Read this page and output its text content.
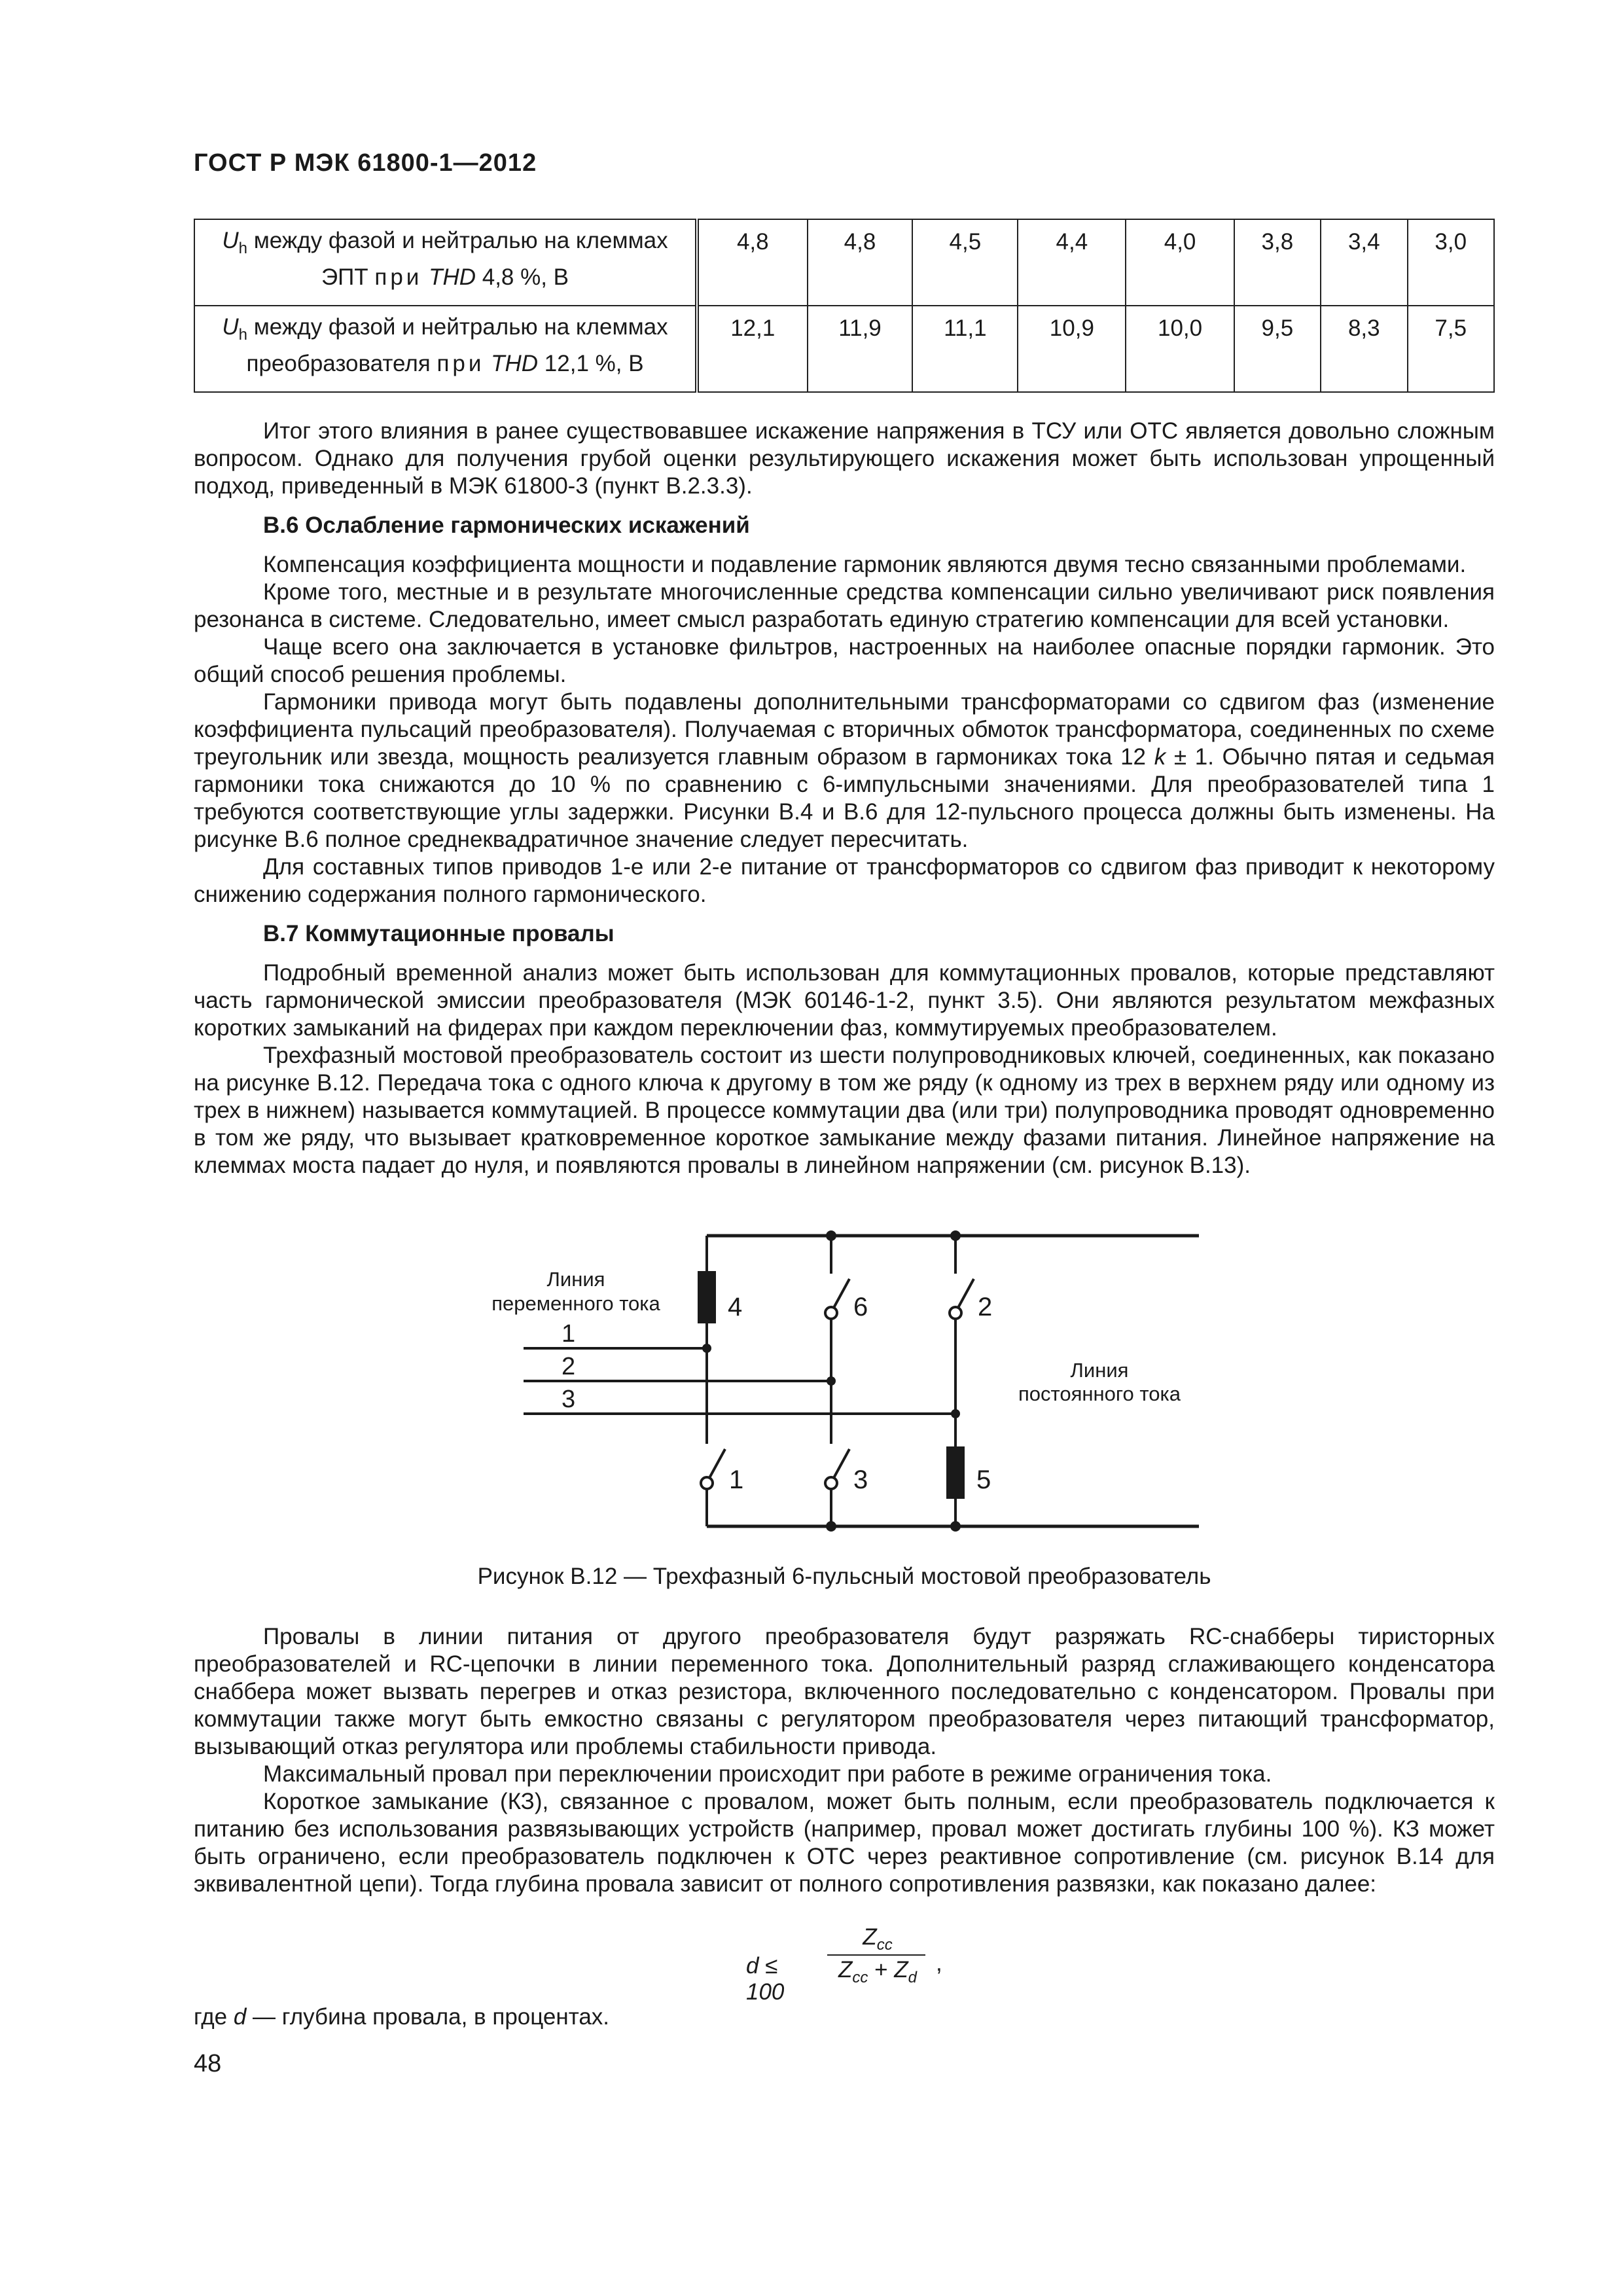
ГОСТ Р МЭК 61800-1—2012
$U_h$ между фазой и нейтралью на клеммах
ЭПТ при THD 4,8 %, В	4,8	4,8	4,5	4,4	4,0	3,8	3,4	3,0
$U_h$ между фазой и нейтралью на клеммах
преобразователя при THD 12,1 %, В	12,1	11,9	11,1	10,9	10,0	9,5	8,3	7,5

Итог этого влияния в ранее существовавшее искажение напряжения в ТСУ или ОТС является довольно сложным вопросом. Однако для получения грубой оценки результирующего искажения может быть использован упрощенный подход, приведенный в МЭК 61800-3 (пункт В.2.3.3).

В.6 Ослабление гармонических искажений

Компенсация коэффициента мощности и подавление гармоник являются двумя тесно связанными проблемами.

Кроме того, местные и в результате многочисленные средства компенсации сильно увеличивают риск появления резонанса в системе. Следовательно, имеет смысл разработать единую стратегию компенсации для всей установки.

Чаще всего она заключается в установке фильтров, настроенных на наиболее опасные порядки гармоник. Это общий способ решения проблемы.

Гармоники привода могут быть подавлены дополнительными трансформаторами со сдвигом фаз (изменение коэффициента пульсаций преобразователя). Получаемая с вторичных обмоток трансформатора, соединенных по схеме треугольник или звезда, мощность реализуется главным образом в гармониках тока 12 k ± 1. Обычно пятая и седьмая гармоники тока снижаются до 10 % по сравнению с 6-импульсными значениями. Для преобразователей типа 1 требуются соответствующие углы задержки. Рисунки В.4 и В.6 для 12-пульсного процесса должны быть изменены. На рисунке В.6 полное среднеквадратичное значение следует пересчитать.

Для составных типов приводов 1-е или 2-е питание от трансформаторов со сдвигом фаз приводит к некоторому снижению содержания полного гармонического.

В.7 Коммутационные провалы

Подробный временной анализ может быть использован для коммутационных провалов, которые представляют часть гармонической эмиссии преобразователя (МЭК 60146-1-2, пункт 3.5). Они являются результатом межфазных коротких замыканий на фидерах при каждом переключении фаз, коммутируемых преобразователем.

Трехфазный мостовой преобразователь состоит из шести полупроводниковых ключей, соединенных, как показано на рисунке В.12. Передача тока с одного ключа к другому в том же ряду (к одному из трех в верхнем ряду или одному из трех в нижнем) называется коммутацией. В процессе коммутации два (или три) полупроводника проводят одновременно в том же ряду, что вызывает кратковременное короткое замыкание между фазами питания. Линейное напряжение на клеммах моста падает до нуля, и появляются провалы в линейном напряжении (см. рисунок В.13).

Линия
переменного тока
Линия
постоянного тока
1
2
3
4	6	2
1	3	5
Рисунок В.12 — Трехфазный 6-пульсный мостовой преобразователь

Провалы в линии питания от другого преобразователя будут разряжать RC-снабберы тиристорных преобразователей и RC-цепочки в линии переменного тока. Дополнительный разряд сглаживающего конденсатора снаббера может вызвать перегрев и отказ резистора, включенного последовательно с конденсатором. Провалы при коммутации также могут быть емкостно связаны с регулятором преобразователя через питающий трансформатор, вызывающий отказ регулятора или проблемы стабильности привода.

Максимальный провал при переключении происходит при работе в режиме ограничения тока.

Короткое замыкание (КЗ), связанное с провалом, может быть полным, если преобразователь подключается к питанию без использования развязывающих устройств (например, провал может достигать глубины 100 %). КЗ может быть ограничено, если преобразователь подключен к ОТС через реактивное сопротивление (см. рисунок В.14 для эквивалентной цепи). Тогда глубина провала зависит от полного сопротивления развязки, как показано далее:

d ≤ 100
$Z_{cc}$
$Z_{cc} + Z_d$
,
где d — глубина провала, в процентах.
48
